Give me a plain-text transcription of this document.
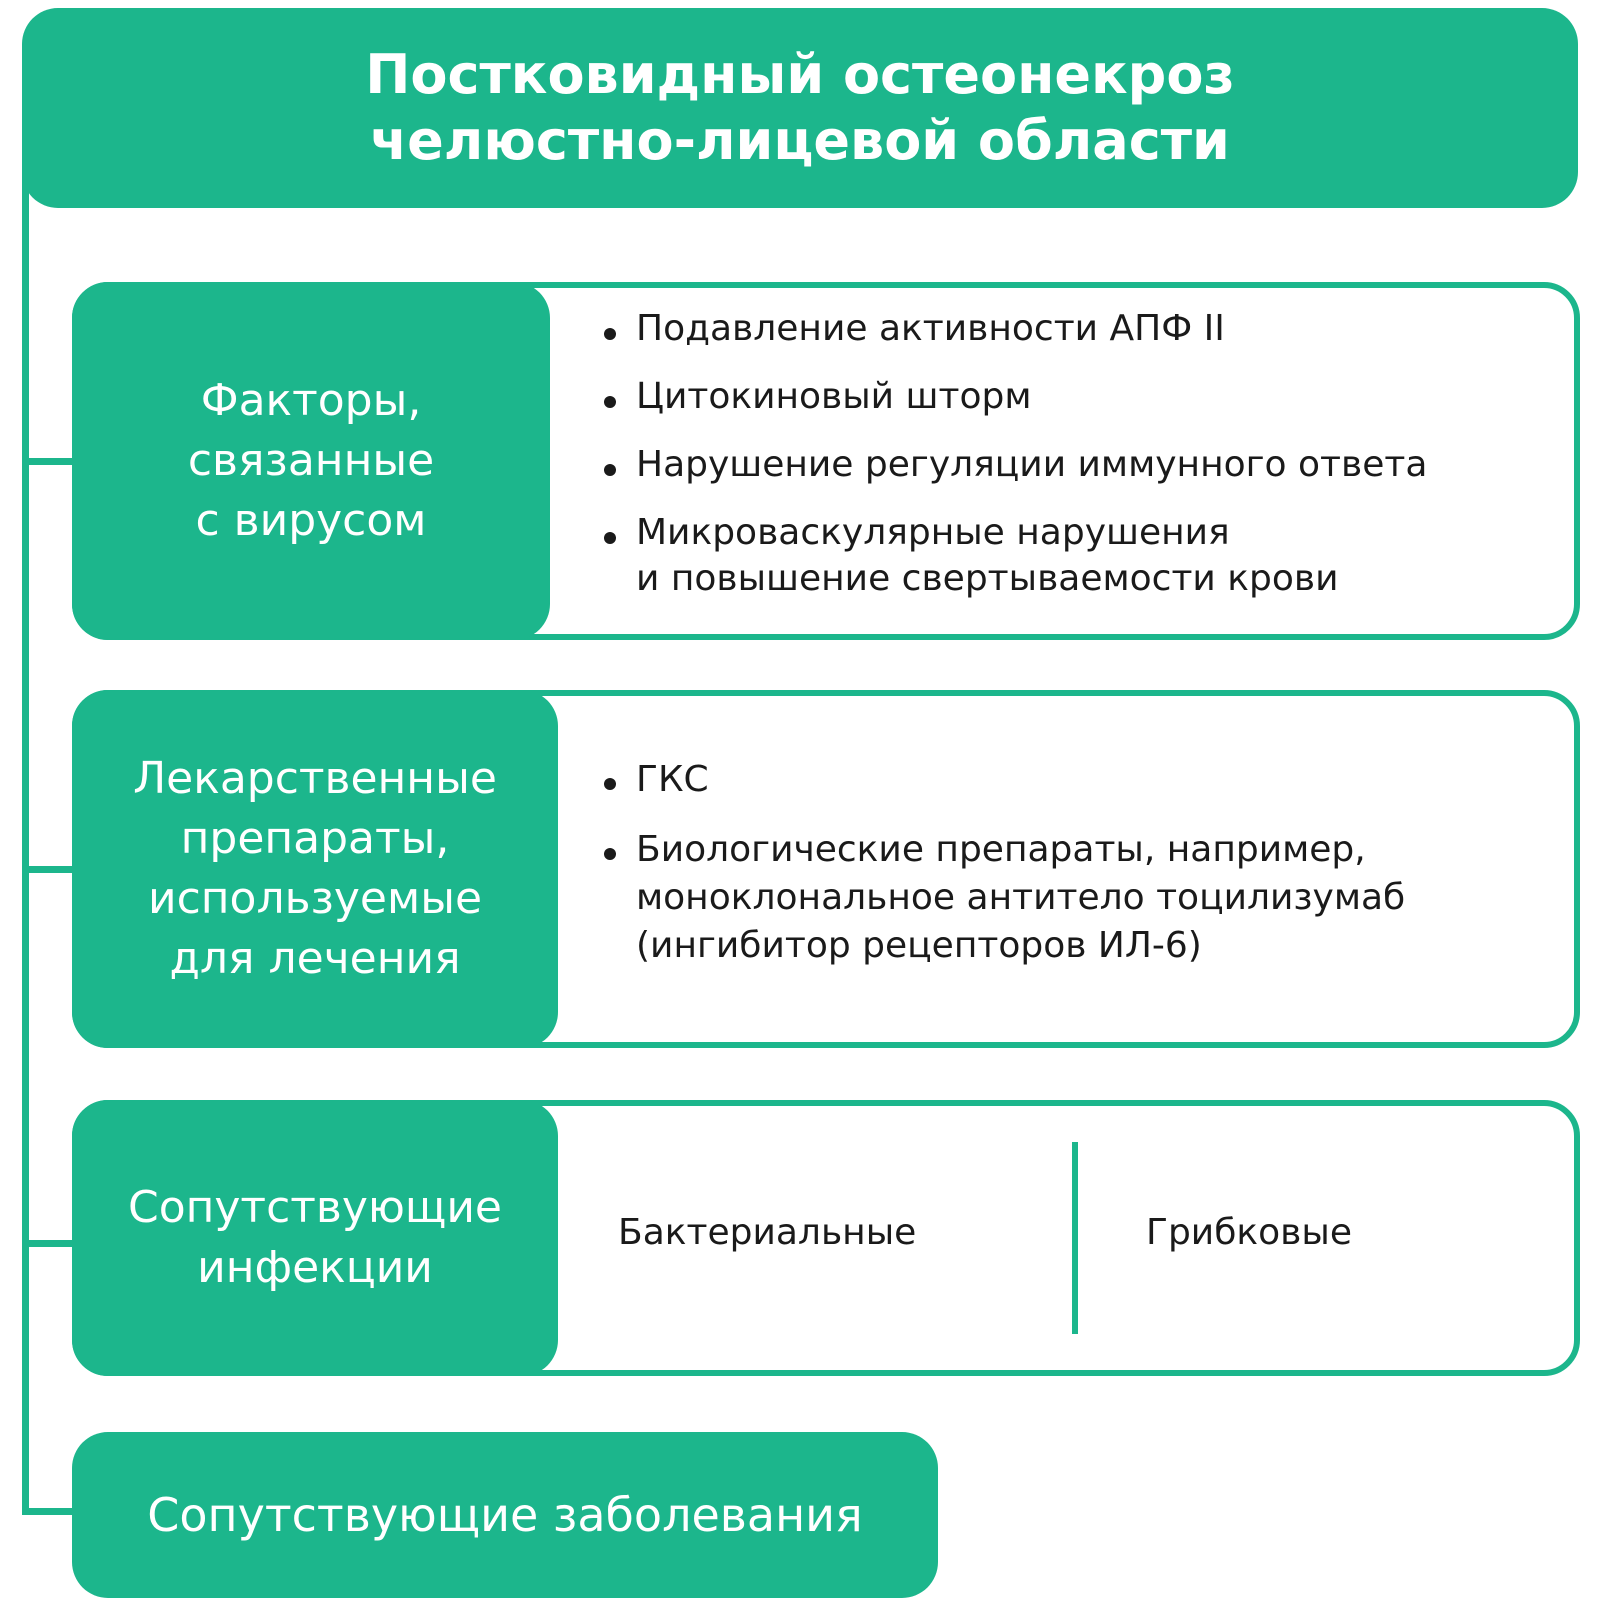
Постковидный остеонекроз
челюстно-лицевой области
Факторы,
связанные
с вирусом
Подавление активности АПФ II
Цитокиновый шторм
Нарушение регуляции иммунного ответа
Микроваскулярные нарушения
и повышение свертываемости крови
Лекарственные
препараты,
используемые
для лечения
ГКС
Биологические препараты, например,
моноклональное антитело тоцилизумаб
(ингибитор рецепторов ИЛ-6)
Сопутствующие
инфекции
Бактериальные	Грибковые
Сопутствующие заболевания
